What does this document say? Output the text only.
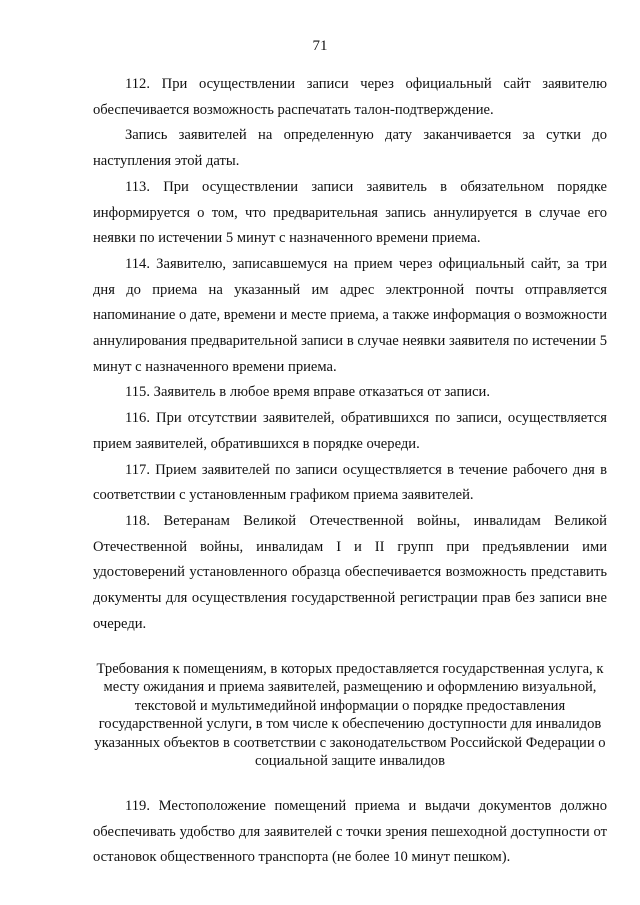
71

112. При осуществлении записи через официальный сайт заявителю обеспечивается возможность распечатать талон-подтверждение.

Запись заявителей на определенную дату заканчивается за сутки до наступления этой даты.

113. При осуществлении записи заявитель в обязательном порядке информируется о том, что предварительная запись аннулируется в случае его неявки по истечении 5 минут с назначенного времени приема.

114. Заявителю, записавшемуся на прием через официальный сайт, за три дня до приема на указанный им адрес электронной почты отправляется напоминание о дате, времени и месте приема, а также информация о возможности аннулирования предварительной записи в случае неявки заявителя по истечении 5 минут с назначенного времени приема.

115. Заявитель в любое время вправе отказаться от записи.

116. При отсутствии заявителей, обратившихся по записи, осуществляется прием заявителей, обратившихся в порядке очереди.

117. Прием заявителей по записи осуществляется в течение рабочего дня в соответствии с установленным графиком приема заявителей.

118. Ветеранам Великой Отечественной войны, инвалидам Великой Отечественной войны, инвалидам I и II групп при предъявлении ими удостоверений установленного образца обеспечивается возможность представить документы для осуществления государственной регистрации прав без записи вне очереди.

Требования к помещениям, в которых предоставляется государственная услуга, к месту ожидания и приема заявителей, размещению и оформлению визуальной, текстовой и мультимедийной информации о порядке предоставления государственной услуги, в том числе к обеспечению доступности для инвалидов указанных объектов в соответствии с законодательством Российской Федерации о социальной защите инвалидов

119. Местоположение помещений приема и выдачи документов должно обеспечивать удобство для заявителей с точки зрения пешеходной доступности от остановок общественного транспорта (не более 10 минут пешком).
